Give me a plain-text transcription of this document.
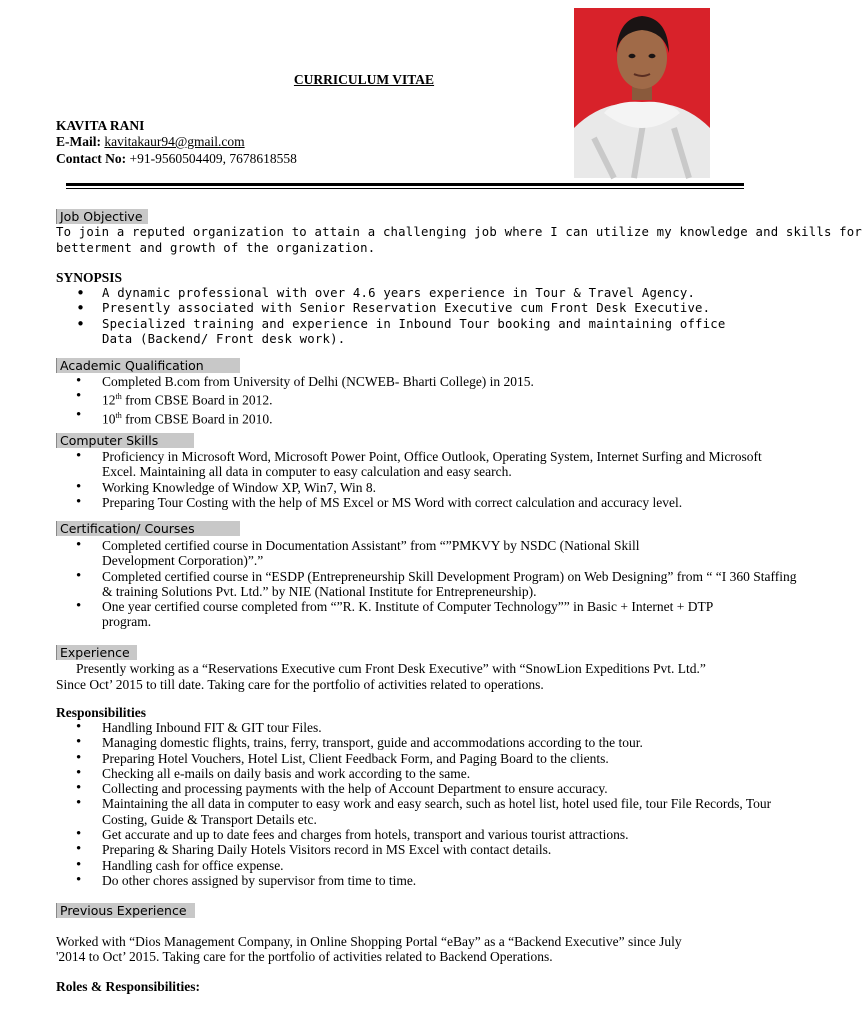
CURRICULUM VITAE
KAVITA RANI
E-Mail: kavitakaur94@gmail.com
Contact No: +91-9560504409, 7678618558
Job Objective
To join a reputed organization to attain a challenging job where I can utilize my knowledge and skills for
betterment and growth of the organization.
SYNOPSIS
• A dynamic professional with over 4.6 years experience in Tour & Travel Agency.
• Presently associated with Senior Reservation Executive cum Front Desk Executive.
• Specialized training and experience in Inbound Tour booking and maintaining office Data (Backend/ Front desk work).
Academic Qualification
• Completed B.com from University of Delhi (NCWEB- Bharti College) in 2015.
• 12th from CBSE Board in 2012.
• 10th from CBSE Board in 2010.
Computer Skills
• Proficiency in Microsoft Word, Microsoft Power Point, Office Outlook, Operating System, Internet Surfing and Microsoft Excel. Maintaining all data in computer to easy calculation and easy search.
• Working Knowledge of Window XP, Win7, Win 8.
• Preparing Tour Costing with the help of MS Excel or MS Word with correct calculation and accuracy level.
Certification/ Courses
• Completed certified course in Documentation Assistant” from “”PMKVY by NSDC (National Skill Development Corporation)”.”
• Completed certified course in “ESDP (Entrepreneurship Skill Development Program) on Web Designing” from “ “I 360 Staffing & training Solutions Pvt. Ltd.” by NIE (National Institute for Entrepreneurship).
• One year certified course completed from “”R. K. Institute of Computer Technology”” in Basic + Internet + DTP program.
Experience
Presently working as a “Reservations Executive cum Front Desk Executive” with “SnowLion Expeditions Pvt. Ltd.”
Since Oct’ 2015 to till date. Taking care for the portfolio of activities related to operations.
Responsibilities
• Handling Inbound FIT & GIT tour Files.
• Managing domestic flights, trains, ferry, transport, guide and accommodations according to the tour.
• Preparing Hotel Vouchers, Hotel List, Client Feedback Form, and Paging Board to the clients.
• Checking all e-mails on daily basis and work according to the same.
• Collecting and processing payments with the help of Account Department to ensure accuracy.
• Maintaining the all data in computer to easy work and easy search, such as hotel list, hotel used file, tour File Records, Tour Costing, Guide & Transport Details etc.
• Get accurate and up to date fees and charges from hotels, transport and various tourist attractions.
• Preparing & Sharing Daily Hotels Visitors record in MS Excel with contact details.
• Handling cash for office expense.
• Do other chores assigned by supervisor from time to time.
Previous Experience
Worked with “Dios Management Company, in Online Shopping Portal “eBay” as a “Backend Executive” since July
'2014 to Oct’ 2015. Taking care for the portfolio of activities related to Backend Operations.
Roles & Responsibilities:
